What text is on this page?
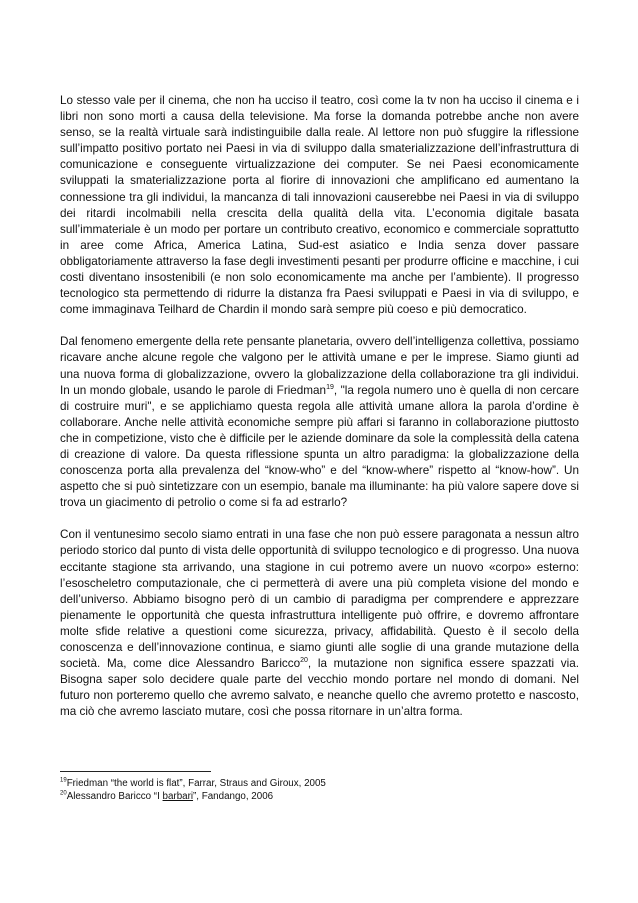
Lo stesso vale per il cinema, che non ha ucciso il teatro, così come la tv non ha ucciso il cinema e i libri non sono morti a causa della televisione. Ma forse la domanda potrebbe anche non avere senso, se la realtà virtuale sarà indistinguibile dalla reale. Al lettore non può sfuggire la riflessione sull’impatto positivo portato nei Paesi in via di sviluppo dalla smaterializzazione dell’infrastruttura di comunicazione e conseguente virtualizzazione dei computer. Se nei Paesi economicamente sviluppati la smaterializzazione porta al fiorire di innovazioni che amplificano ed aumentano la connessione tra gli individui, la mancanza di tali innovazioni causerebbe nei Paesi in via di sviluppo dei ritardi incolmabili nella crescita della qualità della vita. L’economia digitale basata sull’immateriale è un modo per portare un contributo creativo, economico e commerciale soprattutto in aree come Africa, America Latina, Sud-est asiatico e India senza dover passare obbligatoriamente attraverso la fase degli investimenti pesanti per produrre officine e macchine, i cui costi diventano insostenibili (e non solo economicamente ma anche per l’ambiente). Il progresso tecnologico sta permettendo di ridurre la distanza fra Paesi sviluppati e Paesi in via di sviluppo, e come immaginava Teilhard de Chardin il mondo sarà sempre più coeso e più democratico.

Dal fenomeno emergente della rete pensante planetaria, ovvero dell’intelligenza collettiva, possiamo ricavare anche alcune regole che valgono per le attività umane e per le imprese. Siamo giunti ad una nuova forma di globalizzazione, ovvero la globalizzazione della collaborazione tra gli individui. In un mondo globale, usando le parole di Friedman$^{19}$, "la regola numero uno è quella di non cercare di costruire muri", e se applichiamo questa regola alle attività umane allora la parola d’ordine è collaborare. Anche nelle attività economiche sempre più affari si faranno in collaborazione piuttosto che in competizione, visto che è difficile per le aziende dominare da sole la complessità della catena di creazione di valore. Da questa riflessione spunta un altro paradigma: la globalizzazione della conoscenza porta alla prevalenza del “know-who” e del “know-where” rispetto al “know-how”. Un aspetto che si può sintetizzare con un esempio, banale ma illuminante: ha più valore sapere dove si trova un giacimento di petrolio o come si fa ad estrarlo?

Con il ventunesimo secolo siamo entrati in una fase che non può essere paragonata a nessun altro periodo storico dal punto di vista delle opportunità di sviluppo tecnologico e di progresso. Una nuova eccitante stagione sta arrivando, una stagione in cui potremo avere un nuovo «corpo» esterno: l’esoscheletro computazionale, che ci permetterà di avere una più completa visione del mondo e dell’universo. Abbiamo bisogno però di un cambio di paradigma per comprendere e apprezzare pienamente le opportunità che questa infrastruttura intelligente può offrire, e dovremo affrontare molte sfide relative a questioni come sicurezza, privacy, affidabilità. Questo è il secolo della conoscenza e dell’innovazione continua, e siamo giunti alle soglie di una grande mutazione della società. Ma, come dice Alessandro Baricco$^{20}$, la mutazione non significa essere spazzati via. Bisogna saper solo decidere quale parte del vecchio mondo portare nel mondo di domani. Nel futuro non porteremo quello che avremo salvato, e neanche quello che avremo protetto e nascosto, ma ciò che avremo lasciato mutare, così che possa ritornare in un’altra forma.

$^{19}$Friedman “the world is flat”, Farrar, Straus and Giroux, 2005

$^{20}$Alessandro Baricco “I barbari”, Fandango, 2006
